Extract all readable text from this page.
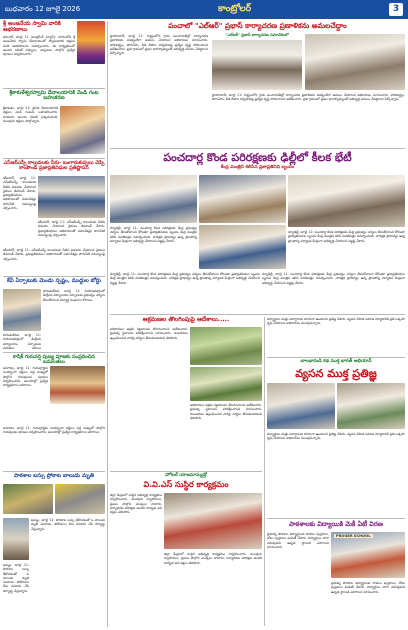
బుధవారం 12 జూలై 2026	కాంట్రోలర్	3
శ్రీ అంజనేయ స్వామి వారికి ఆభరణాలు
వరంగల్, జూలై 11 (కాంట్రోలర్ న్యూస్): నగరంలోని శ్రీ అంజనేయ స్వామి దేవాలయంలో స్వామివారికి భక్తులు వెండి ఆభరణాలను సమర్పించారు. ఈ కార్యక్రమంలో ఆలయ కమిటీ సభ్యులు, అర్చకులు పాల్గొని ప్రత్యేక పూజలు నిర్వహించారు.
శ్రీకాకుళేశ్వరస్వామి దేవాలయానికి వెండి గంట బహుకరణ
శ్రీకాకుళం, జూలై 11: స్థానిక దేవాలయానికి భక్తులు వెండి గంటను బహుకరించారు. దాతలను ఆలయ కమిటీ సత్కరించింది. పలువురు భక్తులు పాల్గొన్నారు.
ఎస్ఆర్ఎస్పీ కాలువలకు నీరు- బంగారుకుప్పలు చెప్పి కాంపౌండ్ ప్రజాప్రతినిధుల ప్రతిష్టాపన
కరీంనగర్, జూలై 11: ఎస్ఆర్ఎస్పీ కాలువలకు నీటిని విడుదల చేయాలని రైతులు డిమాండ్ చేశారు. ప్రజాప్రతినిధులు అధికారులతో సమావేశమై సాగునీటి సమస్యలపై చర్చించారు.
కరీంనగర్, జూలై 11: ఎస్ఆర్ఎస్పీ కాలువలకు నీటిని విడుదల చేయాలని రైతులు డిమాండ్ చేశారు. ప్రజాప్రతినిధులు అధికారులతో సమావేశమై సాగునీటి సమస్యలపై చర్చించారు.
కరీంనగర్, జూలై 11: ఎస్ఆర్ఎస్పీ కాలువలకు నీటిని విడుదల చేయాలని రైతులు డిమాండ్ చేశారు. ప్రజాప్రతినిధులు అధికారులతో సమావేశమై సాగునీటి సమస్యలపై చర్చించారు.
కేవీ ఏర్పాటుకు మెండు స్పష్టం, ముద్దుల బోర్డు
హనుమకొండ, జూలై 11: నియోజకవర్గంలో కేంద్రీయ విద్యాలయం ఏర్పాటుకు ప్రభుత్వం చర్యలు తీసుకోవాలని విద్యార్థి సంఘాలు కోరాయి.
హనుమకొండ, జూలై 11: నియోజకవర్గంలో కేంద్రీయ విద్యాలయం ఏర్పాటుకు ప్రభుత్వం చర్యలు
కాషిక్ గురువర్షి పుణ్య పూజకు సంప్రదించిన బమలతలు
జనగామ, జూలై 11: గురుపూర్ణిమ సందర్భంగా భక్తులు పెద్ద సంఖ్యలో పాల్గొని గురువులకు పూజలు నిర్వహించారు. ఆలయాల్లో ప్రత్యేక కార్యక్రమాలు జరిగాయి.
జనగామ, జూలై 11: గురుపూర్ణిమ సందర్భంగా భక్తులు పెద్ద సంఖ్యలో పాల్గొని గురువులకు పూజలు నిర్వహించారు. ఆలయాల్లో ప్రత్యేక కార్యక్రమాలు జరిగాయి.
పాఠశాల బస్సు ప్రోకాట బాలుడు మృతి
ఖమ్మం, జూలై 11: పాఠశాల బస్సు ఢీకొనడంతో ఓ బాలుడు మృతి చెందాడు. పోలీసులు కేసు నమోదు చేసి దర్యాప్తు చేస్తున్నారు.
ఖమ్మం, జూలై 11: పాఠశాల బస్సు ఢీకొనడంతో ఓ బాలుడు మృతి చెందాడు. పోలీసులు కేసు నమోదు చేసి దర్యాప్తు చేస్తున్నారు.
పంచాలో "ఎల్ఆర్" ప్రభాస్ కార్యాచరణ ప్రణాళికను అమలచేద్దాం
హైదరాబాద్, జూలై 11: రాష్ట్రంలోని గ్రామ పంచాయతీల్లో కార్యాచరణ ప్రణాళికను పకడ్బందీగా అమలు చేయాలని అధికారులు సూచించారు. పారిశుద్ధ్యం, తాగునీరు, వీధి దీపాల నిర్వహణపై ప్రత్యేక దృష్టి సారించాలని ఆదేశించారు. ప్రతి గ్రామంలో ప్రజల భాగస్వామ్యంతో అభివృద్ధి పనులు చేపట్టాలని పేర్కొన్నారు.
"ఎల్ఆర్" ప్రభాస్ కార్యాచరణ సమావేశంలో
హైదరాబాద్, జూలై 11: రాష్ట్రంలోని గ్రామ పంచాయతీల్లో కార్యాచరణ ప్రణాళికను పకడ్బందీగా అమలు చేయాలని అధికారులు సూచించారు. పారిశుద్ధ్యం, తాగునీరు, వీధి దీపాల నిర్వహణపై ప్రత్యేక దృష్టి సారించాలని ఆదేశించారు. ప్రతి గ్రామంలో ప్రజల భాగస్వామ్యంతో అభివృద్ధి పనులు చేపట్టాలని పేర్కొన్నారు.
పంచదార్ల కొండ పరిరక్షణకు ఢిల్లీలో కీలక భేటీ
కేంద్ర మంత్రిని కలిసిన ప్రజాప్రతినిధి బృందం
న్యూఢిల్లీ, జూలై 11: పంచదార్ల కొండ పరిరక్షణకు కేంద్ర ప్రభుత్వం చర్యలు తీసుకోవాలని కోరుతూ ప్రజాప్రతినిధుల బృందం కేంద్ర మంత్రిని కలిసి వినతిపత్రం సమర్పించింది. చారిత్రక ప్రాధాన్యం ఉన్న ప్రాంతాన్ని పర్యాటక కేంద్రంగా అభివృద్ధి చేయాలని విజ్ఞప్తి చేశారు.
న్యూఢిల్లీ, జూలై 11: పంచదార్ల కొండ పరిరక్షణకు కేంద్ర ప్రభుత్వం చర్యలు తీసుకోవాలని కోరుతూ ప్రజాప్రతినిధుల బృందం కేంద్ర మంత్రిని కలిసి వినతిపత్రం సమర్పించింది. చారిత్రక ప్రాధాన్యం ఉన్న ప్రాంతాన్ని పర్యాటక కేంద్రంగా అభివృద్ధి చేయాలని విజ్ఞప్తి చేశారు.
న్యూఢిల్లీ, జూలై 11: పంచదార్ల కొండ పరిరక్షణకు కేంద్ర ప్రభుత్వం చర్యలు తీసుకోవాలని కోరుతూ ప్రజాప్రతినిధుల బృందం కేంద్ర మంత్రిని కలిసి వినతిపత్రం సమర్పించింది. చారిత్రక ప్రాధాన్యం ఉన్న ప్రాంతాన్ని పర్యాటక కేంద్రంగా అభివృద్ధి చేయాలని విజ్ఞప్తి చేశారు.
న్యూఢిల్లీ, జూలై 11: పంచదార్ల కొండ పరిరక్షణకు కేంద్ర ప్రభుత్వం చర్యలు తీసుకోవాలని కోరుతూ ప్రజాప్రతినిధుల బృందం కేంద్ర మంత్రిని కలిసి వినతిపత్రం సమర్పించింది. చారిత్రక ప్రాధాన్యం ఉన్న ప్రాంతాన్ని పర్యాటక కేంద్రంగా అభివృద్ధి చేయాలని విజ్ఞప్తి చేశారు.
ఆక్రమణల తొలగింపుపై ఆదేశాలు.....
అధికారులు అక్రమ కట్టడాలను తొలగించాలని ఆదేశించారు. ప్రభుత్వ స్థలాలను పరిరక్షించాలని సూచించారు. నిబంధనలు ఉల్లంఘించిన వారిపై చర్యలు తీసుకుంటామని తెలిపారు.
అధికారులు అక్రమ కట్టడాలను తొలగించాలని ఆదేశించారు. ప్రభుత్వ స్థలాలను పరిరక్షించాలని సూచించారు. నిబంధనలు ఉల్లంఘించిన వారిపై చర్యలు తీసుకుంటామని తెలిపారు.
హోటల్ యాజమాన్యుడ్తో
వి.వి.ఎస్ సుస్థిర కార్యక్రమం
జిల్లా కేంద్రంలో సుస్థిర అభివృద్ధి కార్యక్రమం నిర్వహించారు. పలువురు వ్యాపారులు, ప్రజలు పాల్గొని మొక్కలు నాటారు. పర్యావరణ పరిరక్షణ అందరి బాధ్యత అని వక్తలు తెలిపారు.
జిల్లా కేంద్రంలో సుస్థిర అభివృద్ధి కార్యక్రమం నిర్వహించారు. పలువురు వ్యాపారులు, ప్రజలు పాల్గొని మొక్కలు నాటారు. పర్యావరణ పరిరక్షణ అందరి బాధ్యత అని వక్తలు తెలిపారు.
విద్యార్థులు మత్తు పదార్థాలకు దూరంగా ఉండాలని ప్రతిజ్ఞ చేశారు. వ్యసన రహిత సమాజ నిర్మాణానికి ప్రతి ఒక్కరూ కృషి చేయాలని అధికారులు పిలుపునిచ్చారు.
బాలభానుడి కథ ముక్త భారత్ అభియాన్
వ్యసన ముక్త ప్రతిజ్ఞ
విద్యార్థులు మత్తు పదార్థాలకు దూరంగా ఉండాలని ప్రతిజ్ఞ చేశారు. వ్యసన రహిత సమాజ నిర్మాణానికి ప్రతి ఒక్కరూ కృషి చేయాలని అధికారులు పిలుపునిచ్చారు.
పాఠశాలకు విద్యాయికి మెకీ ఏటీ విరణ
ప్రభుత్వ పాఠశాల విద్యార్థులకు దాతలు పుస్తకాలు, నోటు పుస్తకాలు పంపిణీ చేశారు. విద్యార్థులు బాగా చదువుకుని ఉన్నత స్థాయికి ఎదగాలని సూచించారు.
PROGER SCHOOL
ప్రభుత్వ పాఠశాల విద్యార్థులకు దాతలు పుస్తకాలు, నోటు పుస్తకాలు పంపిణీ చేశారు. విద్యార్థులు బాగా చదువుకుని ఉన్నత స్థాయికి ఎదగాలని సూచించారు.
